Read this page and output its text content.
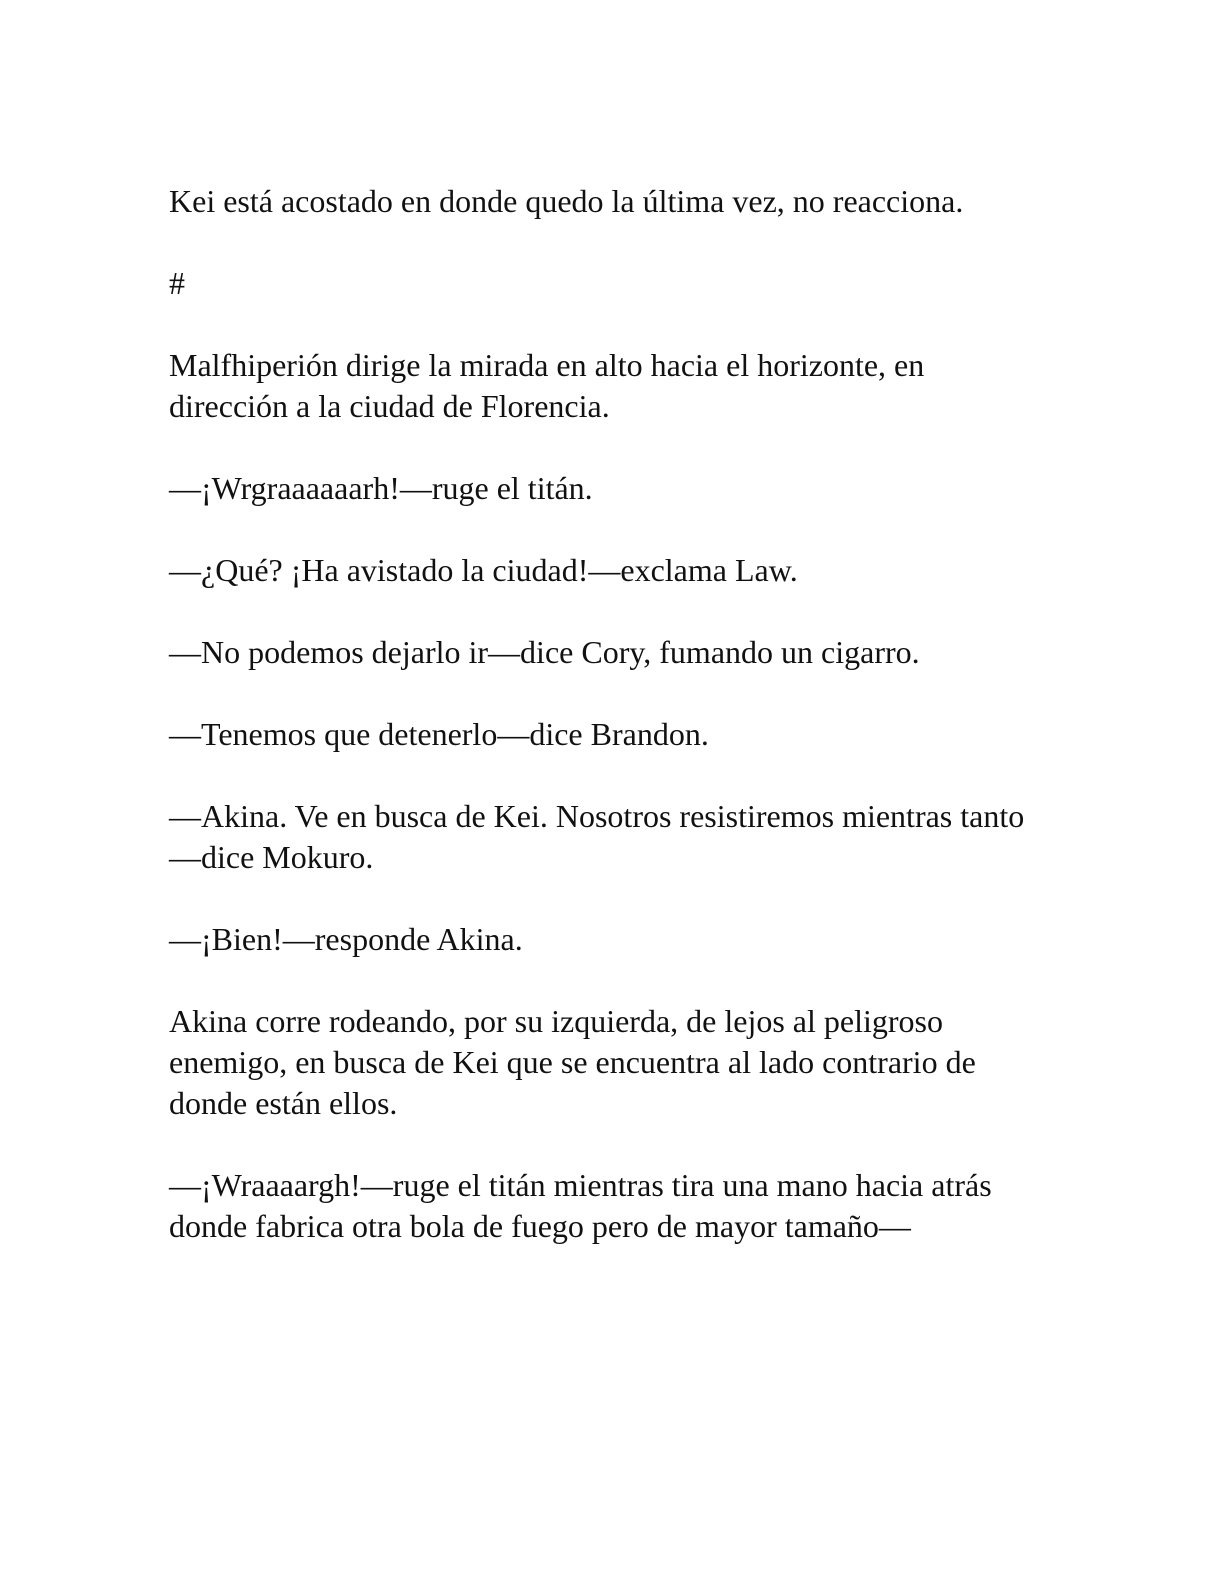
Kei está acostado en donde quedo la última vez, no reacciona.

#

Malfhiperión dirige la mirada en alto hacia el horizonte, en dirección a la ciudad de Florencia.

—¡Wrgraaaaaarh!—ruge el titán.

—¿Qué? ¡Ha avistado la ciudad!—exclama Law.

—No podemos dejarlo ir—dice Cory, fumando un cigarro.

—Tenemos que detenerlo—dice Brandon.

—Akina. Ve en busca de Kei. Nosotros resistiremos mientras tanto—dice Mokuro.

—¡Bien!—responde Akina.

Akina corre rodeando, por su izquierda, de lejos al peligroso enemigo, en busca de Kei que se encuentra al lado contrario de donde están ellos.

—¡Wraaaargh!—ruge el titán mientras tira una mano hacia atrás donde fabrica otra bola de fuego pero de mayor tamaño—
